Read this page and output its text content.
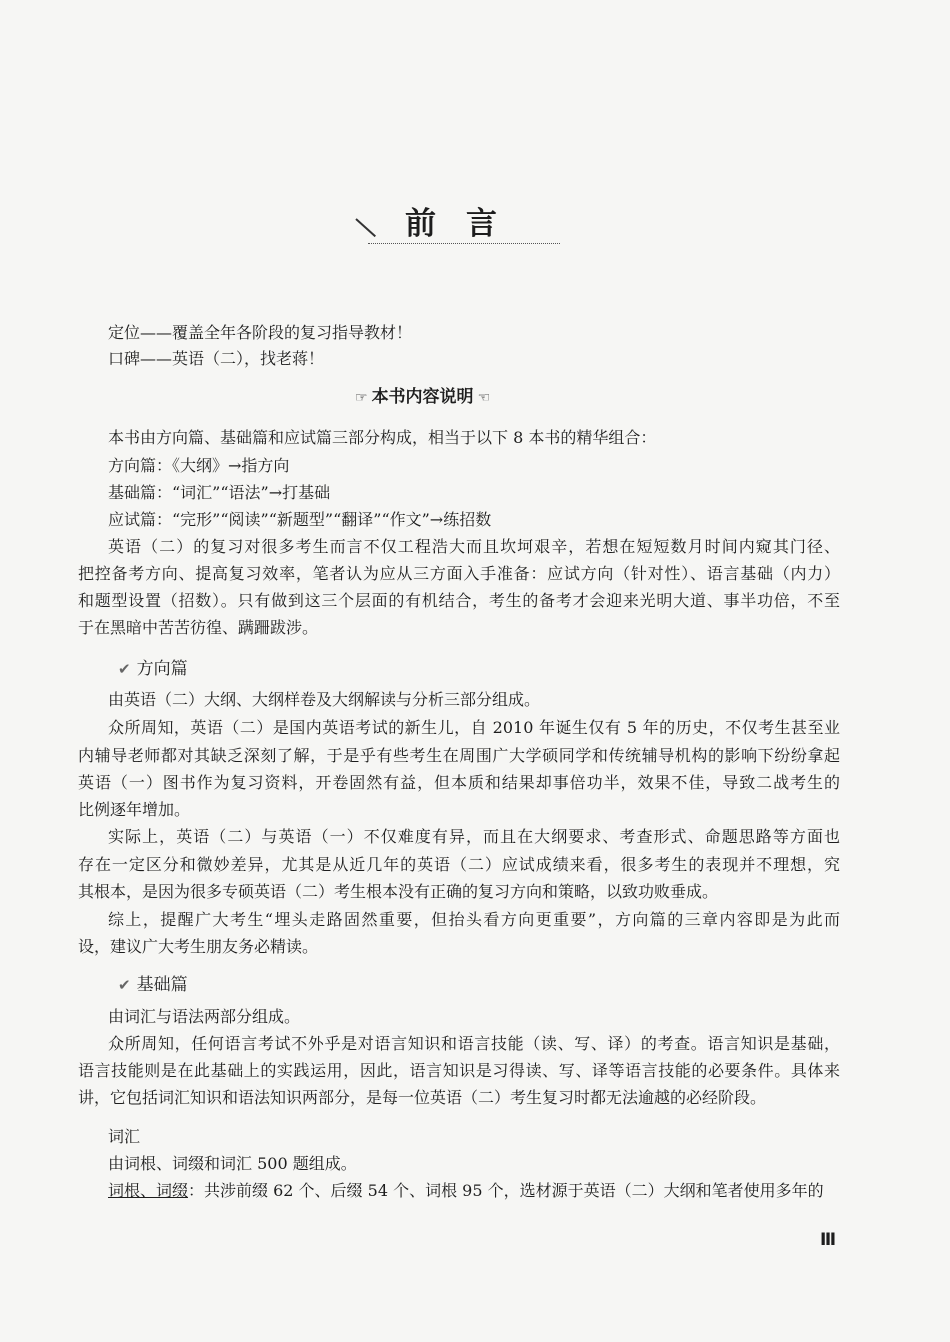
前言
定位——覆盖全年各阶段的复习指导教材！
口碑——英语（二），找老蒋！
☞ 本书内容说明 ☜
本书由方向篇、基础篇和应试篇三部分构成，相当于以下 8 本书的精华组合：
方向篇：《大纲》→指方向
基础篇：“词汇”“语法”→打基础
应试篇：“完形”“阅读”“新题型”“翻译”“作文”→练招数
英语（二）的复习对很多考生而言不仅工程浩大而且坎坷艰辛，若想在短短数月时间内窥其门径、
把控备考方向、提高复习效率，笔者认为应从三方面入手准备：应试方向（针对性）、语言基础（内力）
和题型设置（招数）。只有做到这三个层面的有机结合，考生的备考才会迎来光明大道、事半功倍，不至
于在黑暗中苦苦彷徨、蹒跚跋涉。
✔ 方向篇
由英语（二）大纲、大纲样卷及大纲解读与分析三部分组成。
众所周知，英语（二）是国内英语考试的新生儿，自 2010 年诞生仅有 5 年的历史，不仅考生甚至业
内辅导老师都对其缺乏深刻了解，于是乎有些考生在周围广大学硕同学和传统辅导机构的影响下纷纷拿起
英语（一）图书作为复习资料，开卷固然有益，但本质和结果却事倍功半，效果不佳，导致二战考生的
比例逐年增加。
实际上，英语（二）与英语（一）不仅难度有异，而且在大纲要求、考查形式、命题思路等方面也
存在一定区分和微妙差异，尤其是从近几年的英语（二）应试成绩来看，很多考生的表现并不理想，究
其根本，是因为很多专硕英语（二）考生根本没有正确的复习方向和策略，以致功败垂成。
综上，提醒广大考生“埋头走路固然重要，但抬头看方向更重要”，方向篇的三章内容即是为此而
设，建议广大考生朋友务必精读。
✔ 基础篇
由词汇与语法两部分组成。
众所周知，任何语言考试不外乎是对语言知识和语言技能（读、写、译）的考查。语言知识是基础，
语言技能则是在此基础上的实践运用，因此，语言知识是习得读、写、译等语言技能的必要条件。具体来
讲，它包括词汇知识和语法知识两部分，是每一位英语（二）考生复习时都无法逾越的必经阶段。
词汇
由词根、词缀和词汇 500 题组成。
词根、词缀：共涉前缀 62 个、后缀 54 个、词根 95 个，选材源于英语（二）大纲和笔者使用多年的
Ⅲ
